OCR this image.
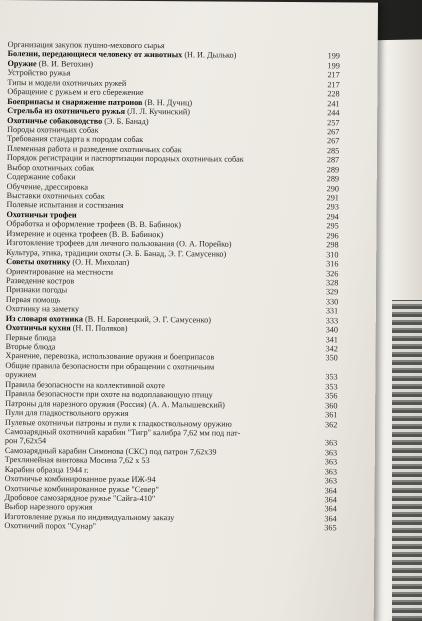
Организация закупок пушно-мехового сырья
Болезни, передающиеся человеку от животных (Н. И. Дылько)	199
Оружие (В. И. Ветохин)	199
Устройство ружья	217
Типы и модели охотничьих ружей	217
Обращение с ружьем и его сбережение	228
Боеприпасы и снаряжение патронов (В. Н. Дучиц)	241
Стрельба из охотничьего ружья (Л. Л. Кучинский)	244
Охотничье собаководство (Э. Б. Банад)	257
Породы охотничьих собак	267
Требования стандарта к породам собак	267
Племенная работа и разведение охотничьих собак	285
Порядок регистрации и паспортизации породных охотничьих собак	287
Выбор охотничьих собак	289
Содержание собаки	289
Обучение, дрессировка	290
Выставки охотничьих собак	291
Полевые испытания и состязания	293
Охотничьи трофеи	294
Обработка и оформление трофеев (В. В. Бабинок)	295
Измерение и оценка трофеев (В. В. Бабинок)	296
Изготовление трофеев для личного пользования (О. А. Порейко)	298
Культура, этика, традиции охоты (Э. Б. Банад, Э. Г. Самусенко)	310
Советы охотнику (О. Н. Михолап)	316
Ориентирование на местности	326
Разведение костров	328
Признаки погоды	329
Первая помощь	330
Охотнику на заметку	331
Из словаря охотника (В. Н. Баронецкий, Э. Г. Самусенко)	333
Охотничья кухня (Н. П. Поляков)	340
Первые блюда	341
Вторые блюда	342
Хранение, перевозка, использование оружия и боеприпасов	350
Общие правила безопасности при обращении с охотничьим
оружием	353
Правила безопасности на коллективной охоте	353
Правила безопасности при охоте на водоплавающую птицу	356
Патроны для нарезного оружия (Россия) (А. А. Малышевский)	360
Пули для гладкоствольного оружия	361
Пулевые охотничьи патроны и пули к гладкоствольному оружию	362
Самозарядный охотничий карабин "Тигр" калибра 7,62 мм под пат-
рон 7,62х54	363
Самозарядный карабин Симонова (СКС) под патрон 7,62х39	363
Трехлинейная винтовка Мосина 7,62 х 53	363
Карабин образца 1944 г.	363
Охотничье комбинированное ружье ИЖ-94	363
Охотничье комбинированное ружье "Север"	364
Дробовое самозарядное ружье "Сайга-410"	364
Выбор нарезного оружия	364
Изготовление ружья по индивидуальному заказу	364
Охотничий порох "Сунар"	365
